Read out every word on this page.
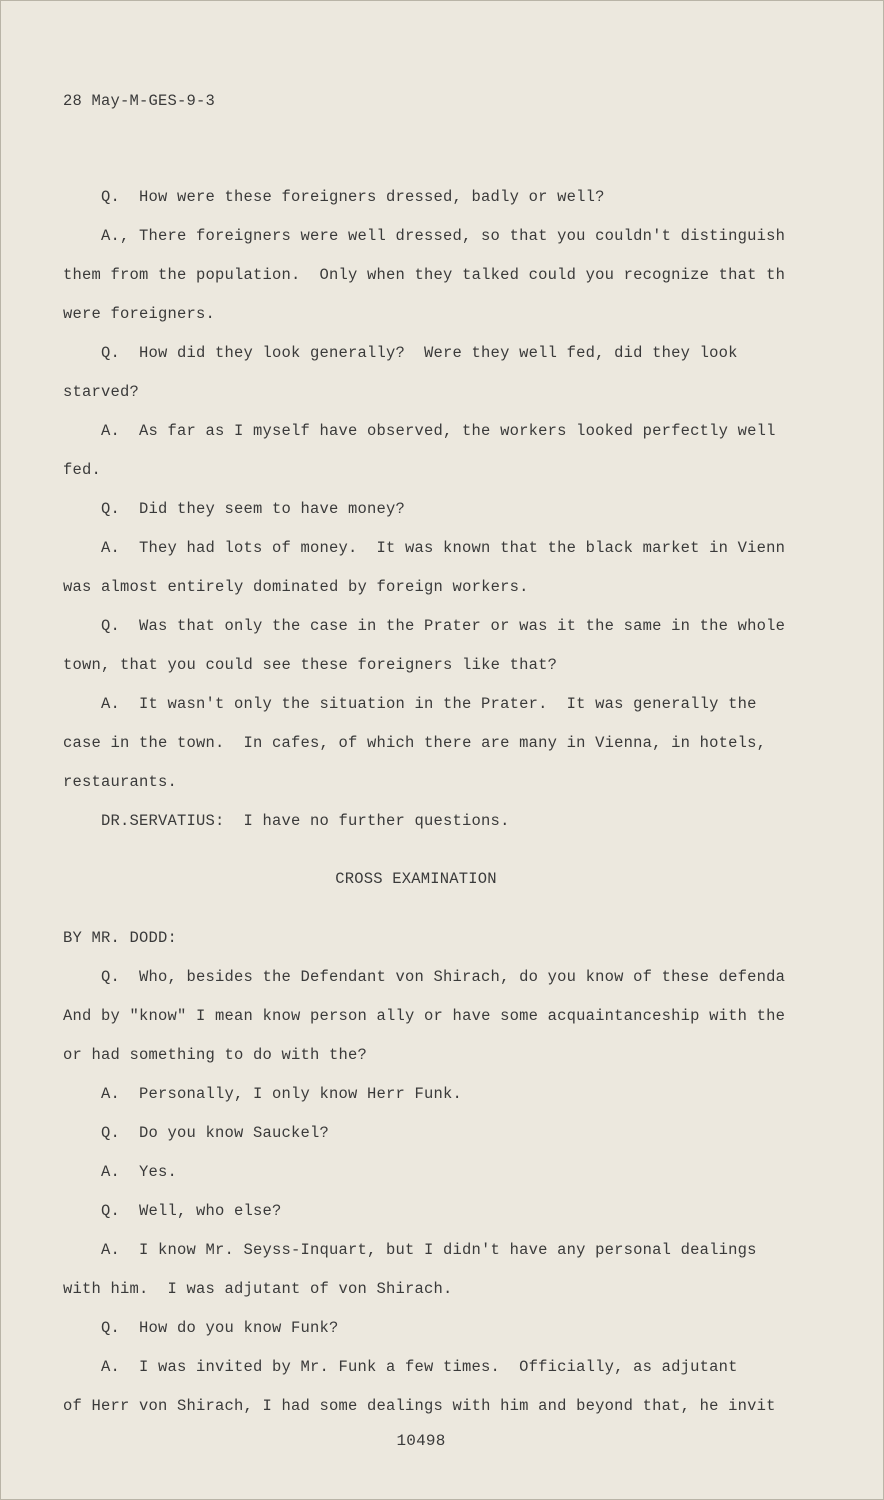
28 May-M-GES-9-3
Q.  How were these foreigners dressed, badly or well?
A., There foreigners were well dressed, so that you couldn't distinguish
them from the population.  Only when they talked could you recognize that th
were foreigners.
Q.  How did they look generally?  Were they well fed, did they look
starved?
A.  As far as I myself have observed, the workers looked perfectly well
fed.
Q.  Did they seem to have money?
A.  They had lots of money.  It was known that the black market in Vienn
was almost entirely dominated by foreign workers.
Q.  Was that only the case in the Prater or was it the same in the whole
town, that you could see these foreigners like that?
A.  It wasn't only the situation in the Prater.  It was generally the
case in the town.  In cafes, of which there are many in Vienna, in hotels,
restaurants.
DR.SERVATIUS:  I have no further questions.
CROSS EXAMINATION
BY MR. DODD:
Q.  Who, besides the Defendant von Shirach, do you know of these defenda
And by "know" I mean know person ally or have some acquaintanceship with the
or had something to do with the?
A.  Personally, I only know Herr Funk.
Q.  Do you know Sauckel?
A.  Yes.
Q.  Well, who else?
A.  I know Mr. Seyss-Inquart, but I didn't have any personal dealings
with him.  I was adjutant of von Shirach.
Q.  How do you know Funk?
A.  I was invited by Mr. Funk a few times.  Officially, as adjutant
of Herr von Shirach, I had some dealings with him and beyond that, he invit
10498
